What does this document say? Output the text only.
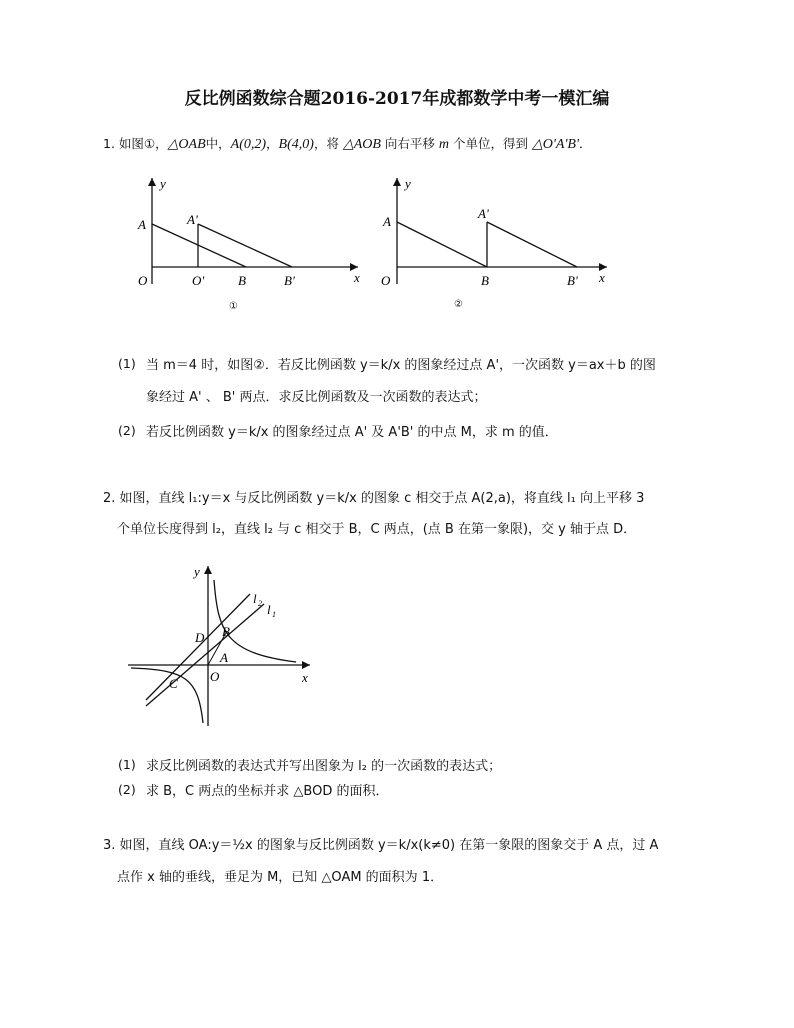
反比例函数综合题2016-2017年成都数学中考一模汇编
1. 如图①，△OAB中，A(0,2)，B(4,0)，将 △AOB 向右平移 m 个单位，得到 △O'A'B'．
y
x
A	A'
O	O'	B	B'
①
y
x
A
A'
O	B	B'
②
(1) 当 m＝4 时，如图②．若反比例函数 y＝k/x 的图象经过点 A'，一次函数 y＝ax＋b 的图
象经过 A' 、 B' 两点．求反比例函数及一次函数的表达式；
(2) 若反比例函数 y＝k/x 的图象经过点 A' 及 A'B' 的中点 M，求 m 的值．
2. 如图，直线 l₁:y＝x 与反比例函数 y＝k/x 的图象 c 相交于点 A(2,a)，将直线 l₁ 向上平移 3
个单位长度得到 l₂，直线 l₂ 与 c 相交于 B，C 两点，(点 B 在第一象限)，交 y 轴于点 D．
y
x
l 2 l 1
D B
A
C O
(1) 求反比例函数的表达式并写出图象为 l₂ 的一次函数的表达式；
(2) 求 B，C 两点的坐标并求 △BOD 的面积．
3. 如图，直线 OA:y＝½x 的图象与反比例函数 y＝k/x(k≠0) 在第一象限的图象交于 A 点，过 A
点作 x 轴的垂线，垂足为 M，已知 △OAM 的面积为 1．
